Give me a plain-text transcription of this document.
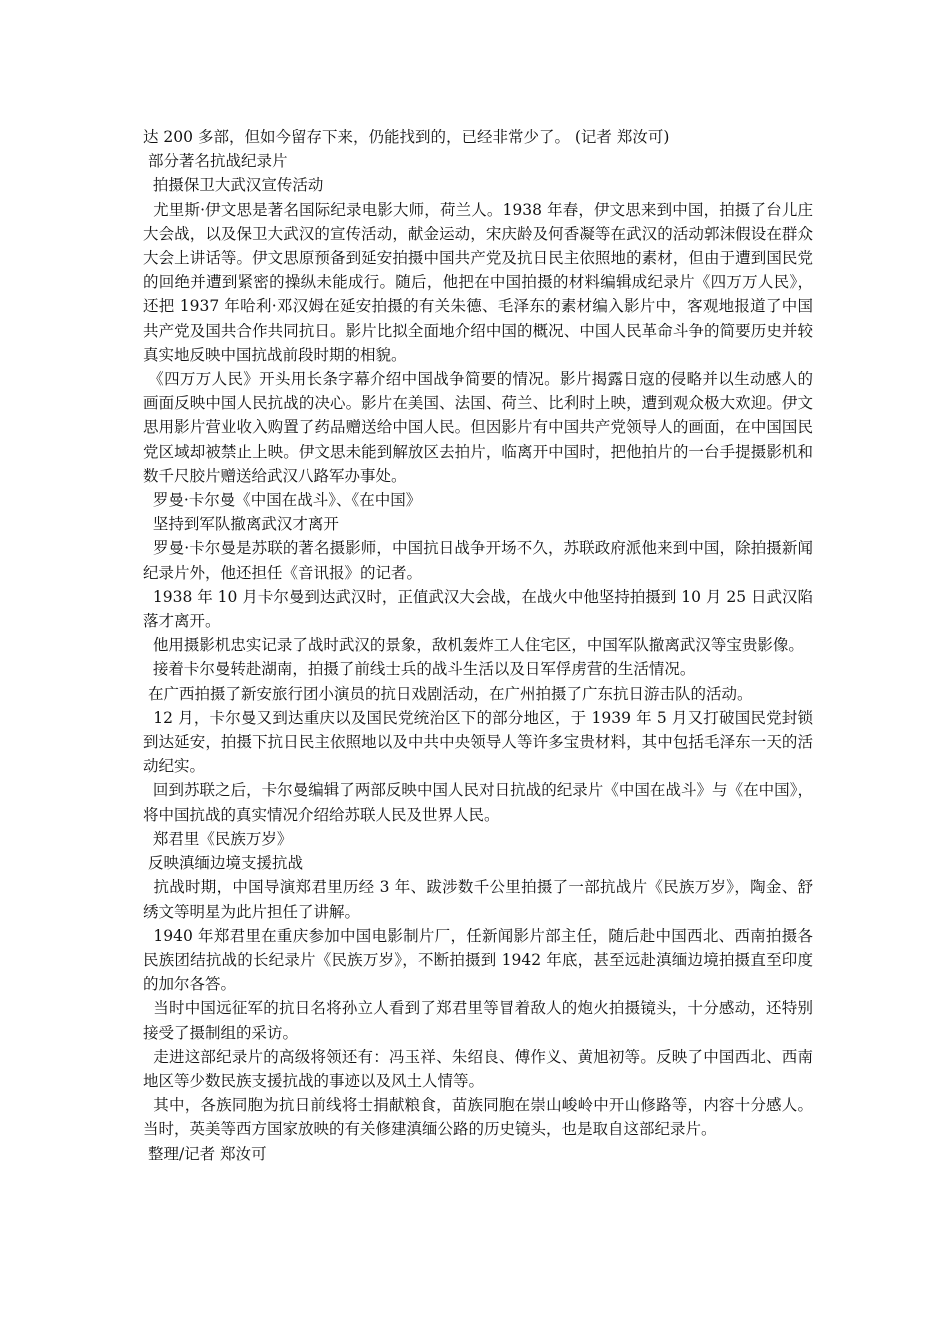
达 200 多部，但如今留存下来，仍能找到的，已经非常少了。 (记者 郑汝可)

部分著名抗战纪录片

拍摄保卫大武汉宣传活动

尤里斯·伊文思是著名国际纪录电影大师，荷兰人。1938 年春，伊文思来到中国，拍摄了台儿庄大会战，以及保卫大武汉的宣传活动，献金运动，宋庆龄及何香凝等在武汉的活动郭沫假设在群众大会上讲话等。伊文思原预备到延安拍摄中国共产党及抗日民主依照地的素材，但由于遭到国民党的回绝并遭到紧密的操纵未能成行。随后，他把在中国拍摄的材料编辑成纪录片《四万万人民》，还把 1937 年哈利·邓汉姆在延安拍摄的有关朱德、毛泽东的素材编入影片中，客观地报道了中国共产党及国共合作共同抗日。影片比拟全面地介绍中国的概况、中国人民革命斗争的简要历史并较真实地反映中国抗战前段时期的相貌。

《四万万人民》开头用长条字幕介绍中国战争简要的情况。影片揭露日寇的侵略并以生动感人的画面反映中国人民抗战的决心。影片在美国、法国、荷兰、比利时上映，遭到观众极大欢迎。伊文思用影片营业收入购置了药品赠送给中国人民。但因影片有中国共产党领导人的画面，在中国国民党区域却被禁止上映。伊文思未能到解放区去拍片，临离开中国时，把他拍片的一台手提摄影机和数千尺胶片赠送给武汉八路军办事处。

罗曼·卡尔曼《中国在战斗》、《在中国》

坚持到军队撤离武汉才离开

罗曼·卡尔曼是苏联的著名摄影师，中国抗日战争开场不久，苏联政府派他来到中国，除拍摄新闻纪录片外，他还担任《音讯报》的记者。

1938 年 10 月卡尔曼到达武汉时，正值武汉大会战，在战火中他坚持拍摄到 10 月 25 日武汉陷落才离开。

他用摄影机忠实记录了战时武汉的景象，敌机轰炸工人住宅区，中国军队撤离武汉等宝贵影像。

接着卡尔曼转赴湖南，拍摄了前线士兵的战斗生活以及日军俘虏营的生活情况。

在广西拍摄了新安旅行团小演员的抗日戏剧活动，在广州拍摄了广东抗日游击队的活动。

12 月，卡尔曼又到达重庆以及国民党统治区下的部分地区，于 1939 年 5 月又打破国民党封锁到达延安，拍摄下抗日民主依照地以及中共中央领导人等许多宝贵材料，其中包括毛泽东一天的活动纪实。

回到苏联之后，卡尔曼编辑了两部反映中国人民对日抗战的纪录片《中国在战斗》与《在中国》，将中国抗战的真实情况介绍给苏联人民及世界人民。

郑君里《民族万岁》

反映滇缅边境支援抗战

抗战时期，中国导演郑君里历经 3 年、跋涉数千公里拍摄了一部抗战片《民族万岁》，陶金、舒绣文等明星为此片担任了讲解。

1940 年郑君里在重庆参加中国电影制片厂，任新闻影片部主任，随后赴中国西北、西南拍摄各民族团结抗战的长纪录片《民族万岁》，不断拍摄到 1942 年底，甚至远赴滇缅边境拍摄直至印度的加尔各答。

当时中国远征军的抗日名将孙立人看到了郑君里等冒着敌人的炮火拍摄镜头，十分感动，还特别接受了摄制组的采访。

走进这部纪录片的高级将领还有：冯玉祥、朱绍良、傅作义、黄旭初等。反映了中国西北、西南地区等少数民族支援抗战的事迹以及风土人情等。

其中，各族同胞为抗日前线将士捐献粮食，苗族同胞在崇山峻岭中开山修路等，内容十分感人。当时，英美等西方国家放映的有关修建滇缅公路的历史镜头，也是取自这部纪录片。

整理/记者 郑汝可
